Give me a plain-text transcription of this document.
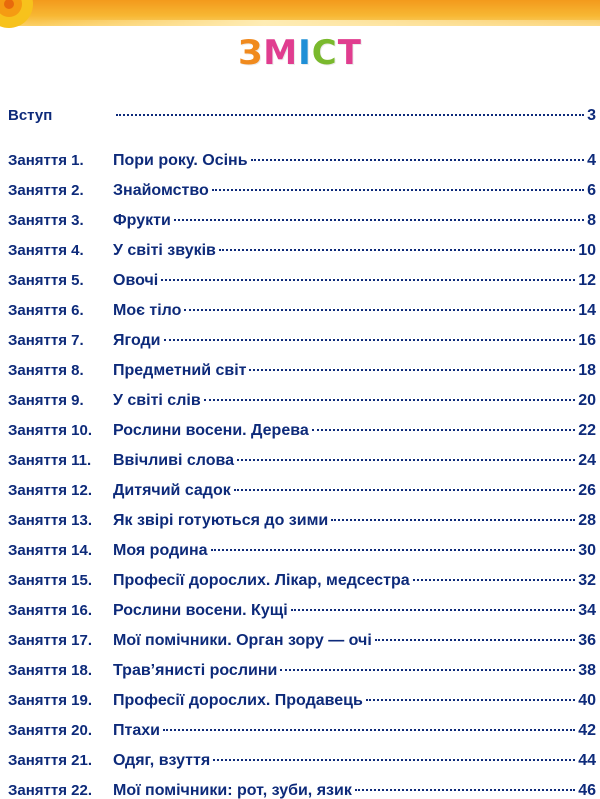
ЗМІСТ
Вступ	3
Заняття 1. Пори року. Осінь	4
Заняття 2. Знайомство	6
Заняття 3. Фрукти	8
Заняття 4. У світі звуків	10
Заняття 5. Овочі	12
Заняття 6. Моє тіло	14
Заняття 7. Ягоди	16
Заняття 8. Предметний світ	18
Заняття 9. У світі слів	20
Заняття 10. Рослини восени. Дерева	22
Заняття 11. Ввічливі слова	24
Заняття 12. Дитячий садок	26
Заняття 13. Як звірі готуються до зими	28
Заняття 14. Моя родина	30
Заняття 15. Професії дорослих. Лікар, медсестра	32
Заняття 16. Рослини восени. Кущі	34
Заняття 17. Мої помічники. Орган зору — очі	36
Заняття 18. Трав’янисті рослини	38
Заняття 19. Професії дорослих. Продавець	40
Заняття 20. Птахи	42
Заняття 21. Одяг, взуття	44
Заняття 22. Мої помічники: рот, зуби, язик	46
